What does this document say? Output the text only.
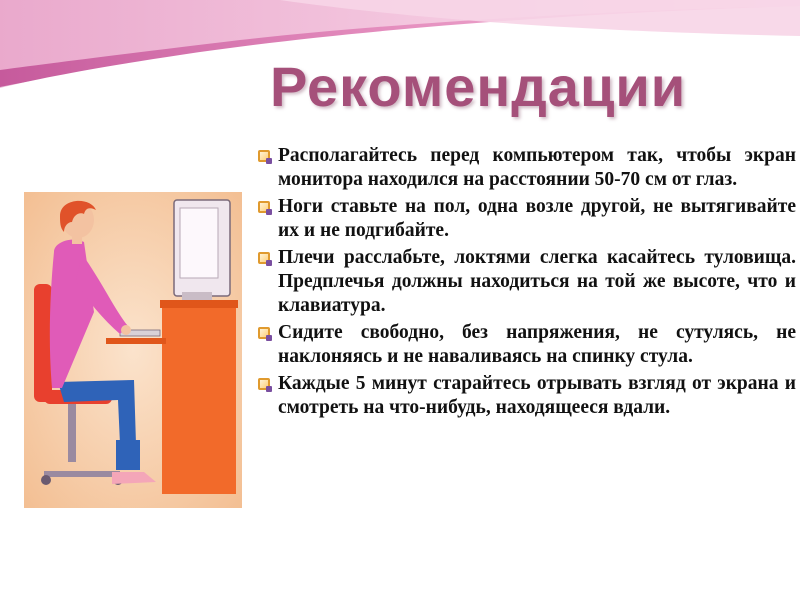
Рекомендации
Располагайтесь перед компьютером так, чтобы экран монитора находился на расстоянии 50-70 см от глаз.
Ноги ставьте на пол, одна возле другой, не вытягивайте их и не подгибайте.
Плечи расслабьте, локтями слегка касайтесь туловища. Предплечья должны находиться на той же высоте, что и клавиатура.
Сидите свободно, без напряжения, не сутулясь, не наклоняясь и не наваливаясь на спинку стула.
Каждые 5 минут старайтесь отрывать взгляд от экрана и смотреть на что-нибудь, находящееся вдали.
